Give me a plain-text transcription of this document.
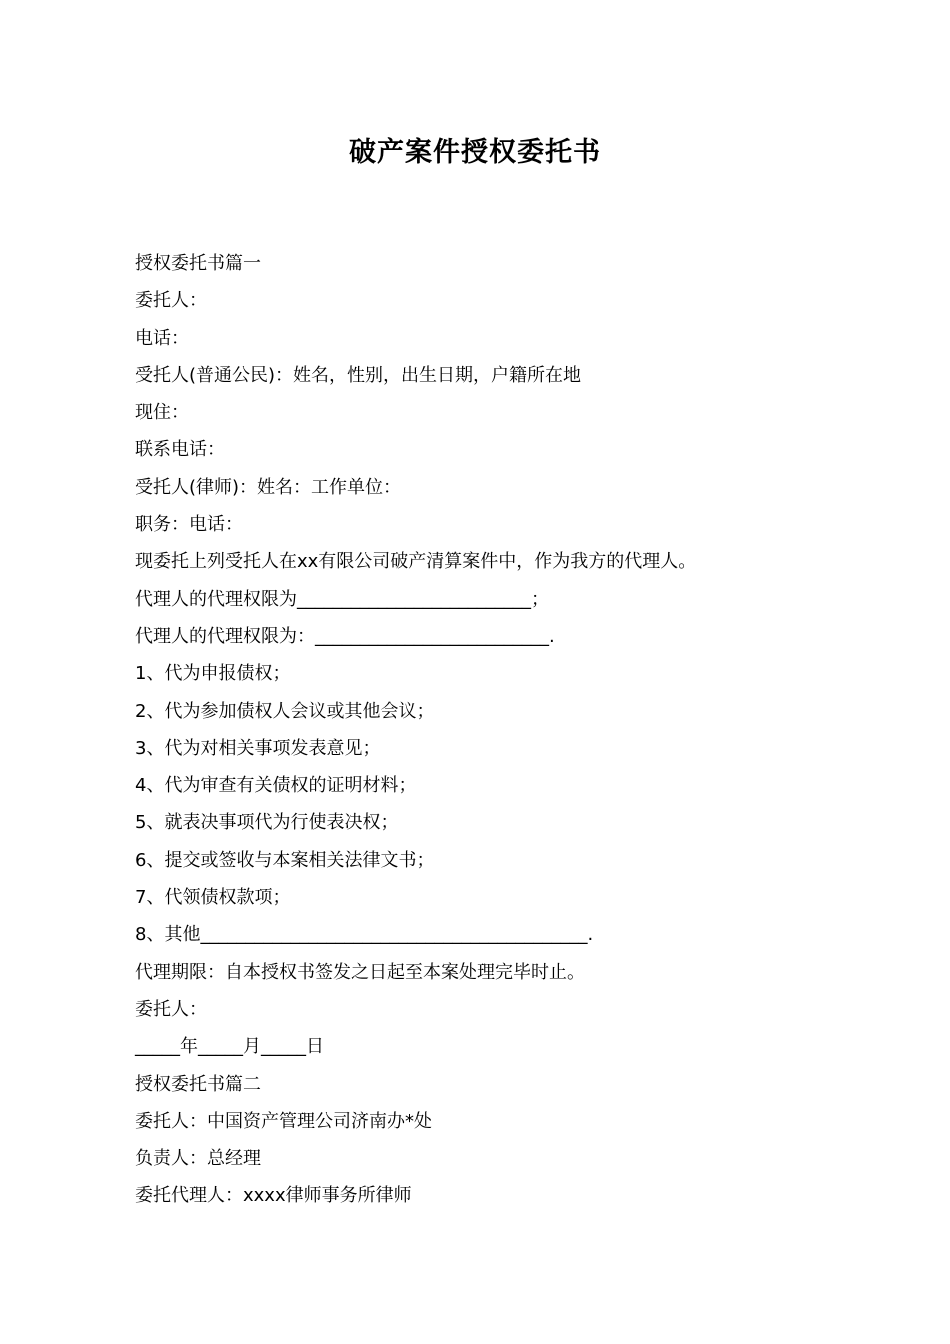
破产案件授权委托书
授权委托书篇一
委托人：
电话：
受托人(普通公民)：姓名，性别，出生日期，户籍所在地
现住：
联系电话：
受托人(律师)：姓名：工作单位：
职务：电话：
现委托上列受托人在xx有限公司破产清算案件中，作为我方的代理人。
代理人的代理权限为__________________________；
代理人的代理权限为：__________________________.
1、代为申报债权；
2、代为参加债权人会议或其他会议；
3、代为对相关事项发表意见；
4、代为审查有关债权的证明材料；
5、就表决事项代为行使表决权；
6、提交或签收与本案相关法律文书；
7、代领债权款项；
8、其他___________________________________________.
代理期限：自本授权书签发之日起至本案处理完毕时止。
委托人：
_____年_____月_____日
授权委托书篇二
委托人：中国资产管理公司济南办*处
负责人：总经理
委托代理人：xxxx律师事务所律师
